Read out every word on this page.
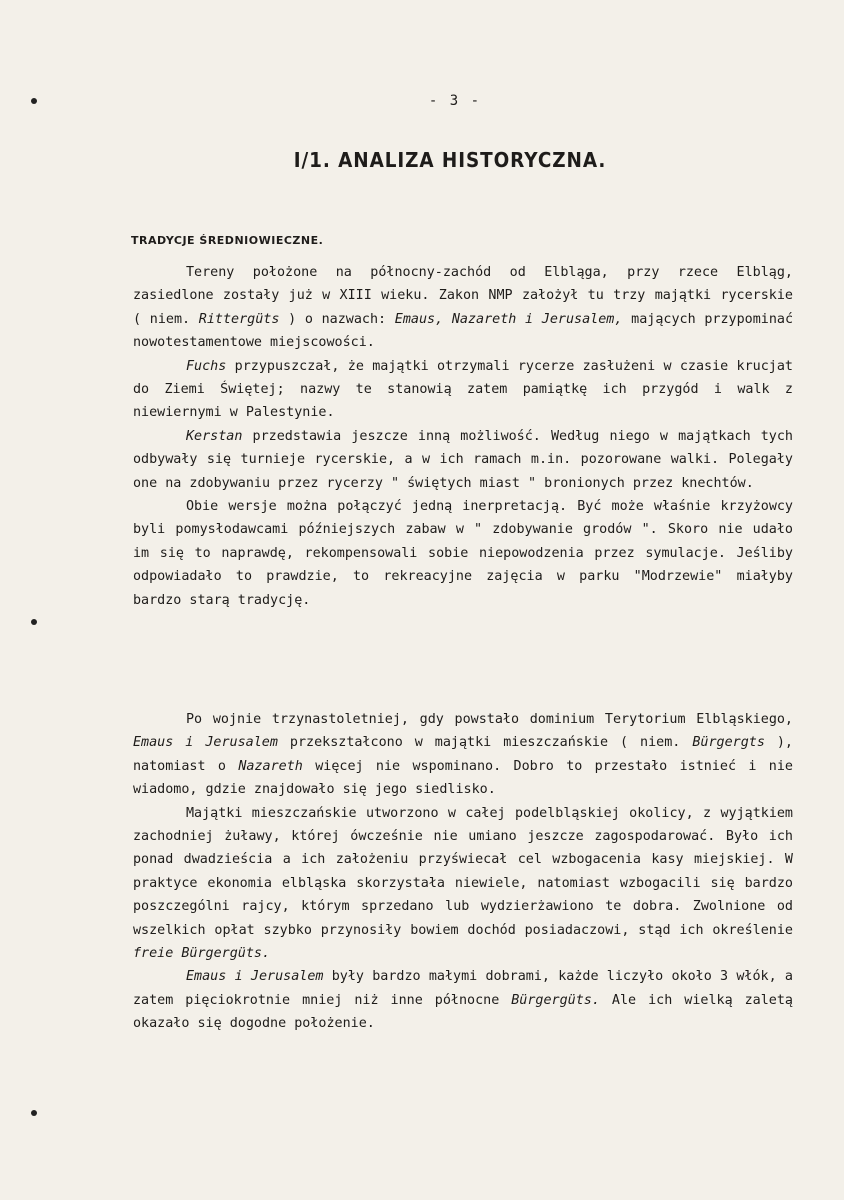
- 3 -
I/1. ANALIZA HISTORYCZNA.
TRADYCJE ŚREDNIOWIECZNE.

Tereny położone na północny-zachód od Elbląga, przy rzece Elbląg, zasiedlone zostały już w XIII wieku. Zakon NMP założył tu trzy majątki rycerskie ( niem. Rittergüts ) o nazwach: Emaus, Nazareth i Jerusalem, mających przypominać nowotestamentowe miejscowości.

Fuchs przypuszczał, że majątki otrzymali rycerze zasłużeni w czasie krucjat do Ziemi Świętej; nazwy te stanowią zatem pamiątkę ich przygód i walk z niewiernymi w Palestynie.

Kerstan przedstawia jeszcze inną możliwość. Według niego w majątkach tych odbywały się turnieje rycerskie, a w ich ramach m.in. pozorowane walki. Polegały one na zdobywaniu przez rycerzy " świętych miast " bronionych przez knechtów.

Obie wersje można połączyć jedną inerpretacją. Być może właśnie krzyżowcy byli pomysłodawcami późniejszych zabaw w " zdobywanie grodów ". Skoro nie udało im się to naprawdę, rekompensowali sobie niepowodzenia przez symulacje. Jeśliby odpowiadało to prawdzie, to rekreacyjne zajęcia w parku "Modrzewie" miałyby bardzo starą tradycję.

Po wojnie trzynastoletniej, gdy powstało dominium Terytorium Elbląskiego, Emaus i Jerusalem przekształcono w majątki mieszczańskie ( niem. Bürgergts ), natomiast o Nazareth więcej nie wspominano. Dobro to przestało istnieć i nie wiadomo, gdzie znajdowało się jego siedlisko.

Majątki mieszczańskie utworzono w całej podelbląskiej okolicy, z wyjątkiem zachodniej żuławy, której ówcześnie nie umiano jeszcze zagospodarować. Było ich ponad dwadzieścia a ich założeniu przyświecał cel wzbogacenia kasy miejskiej. W praktyce ekonomia elbląska skorzystała niewiele, natomiast wzbogacili się bardzo poszczególni rajcy, którym sprzedano lub wydzierżawiono te dobra. Zwolnione od wszelkich opłat szybko przynosiły bowiem dochód posiadaczowi, stąd ich określenie freie Bürgergüts.

Emaus i Jerusalem były bardzo małymi dobrami, każde liczyło około 3 włók, a zatem pięciokrotnie mniej niż inne północne Bürgergüts. Ale ich wielką zaletą okazało się dogodne położenie.
